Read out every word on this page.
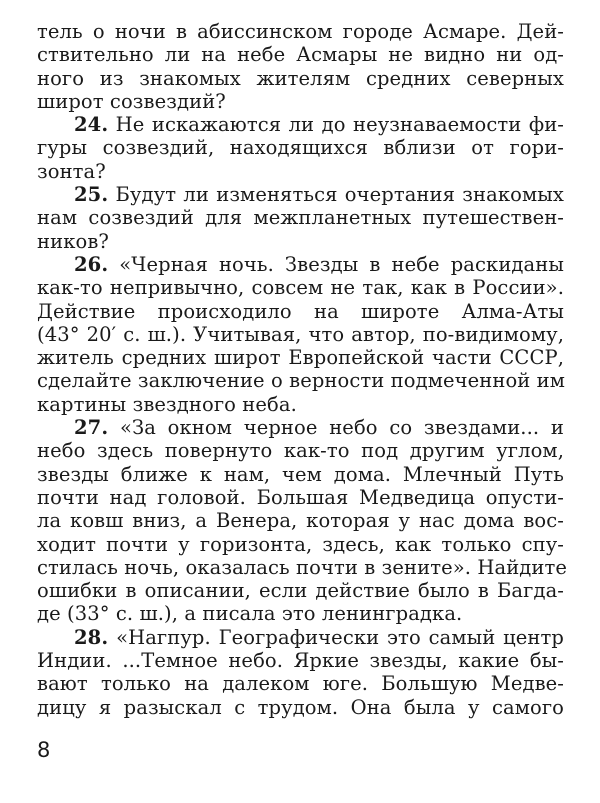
тель о ночи в абиссинском городе Асмаре. Дей-
ствительно ли на небе Асмары не видно ни од-
ного из знакомых жителям средних северных
широт созвездий?
24. Не искажаются ли до неузнаваемости фи-
гуры созвездий, находящихся вблизи от гори-
зонта?
25. Будут ли изменяться очертания знакомых
нам созвездий для межпланетных путешествен-
ников?
26. «Черная ночь. Звезды в небе раскиданы
как-то непривычно, совсем не так, как в России».
Действие происходило на широте Алма-Аты
(43° 20′ с. ш.). Учитывая, что автор, по-видимому,
житель средних широт Европейской части СССР,
сделайте заключение о верности подмеченной им
картины звездного неба.
27. «За окном черное небо со звездами... и
небо здесь повернуто как-то под другим углом,
звезды ближе к нам, чем дома. Млечный Путь
почти над головой. Большая Медведица опусти-
ла ковш вниз, а Венера, которая у нас дома вос-
ходит почти у горизонта, здесь, как только спу-
стилась ночь, оказалась почти в зените». Найдите
ошибки в описании, если действие было в Багда-
де (33° с. ш.), а писала это ленинградка.
28. «Нагпур. Географически это самый центр
Индии. ...Темное небо. Яркие звезды, какие бы-
вают только на далеком юге. Большую Медве-
дицу я разыскал с трудом. Она была у самого
8
